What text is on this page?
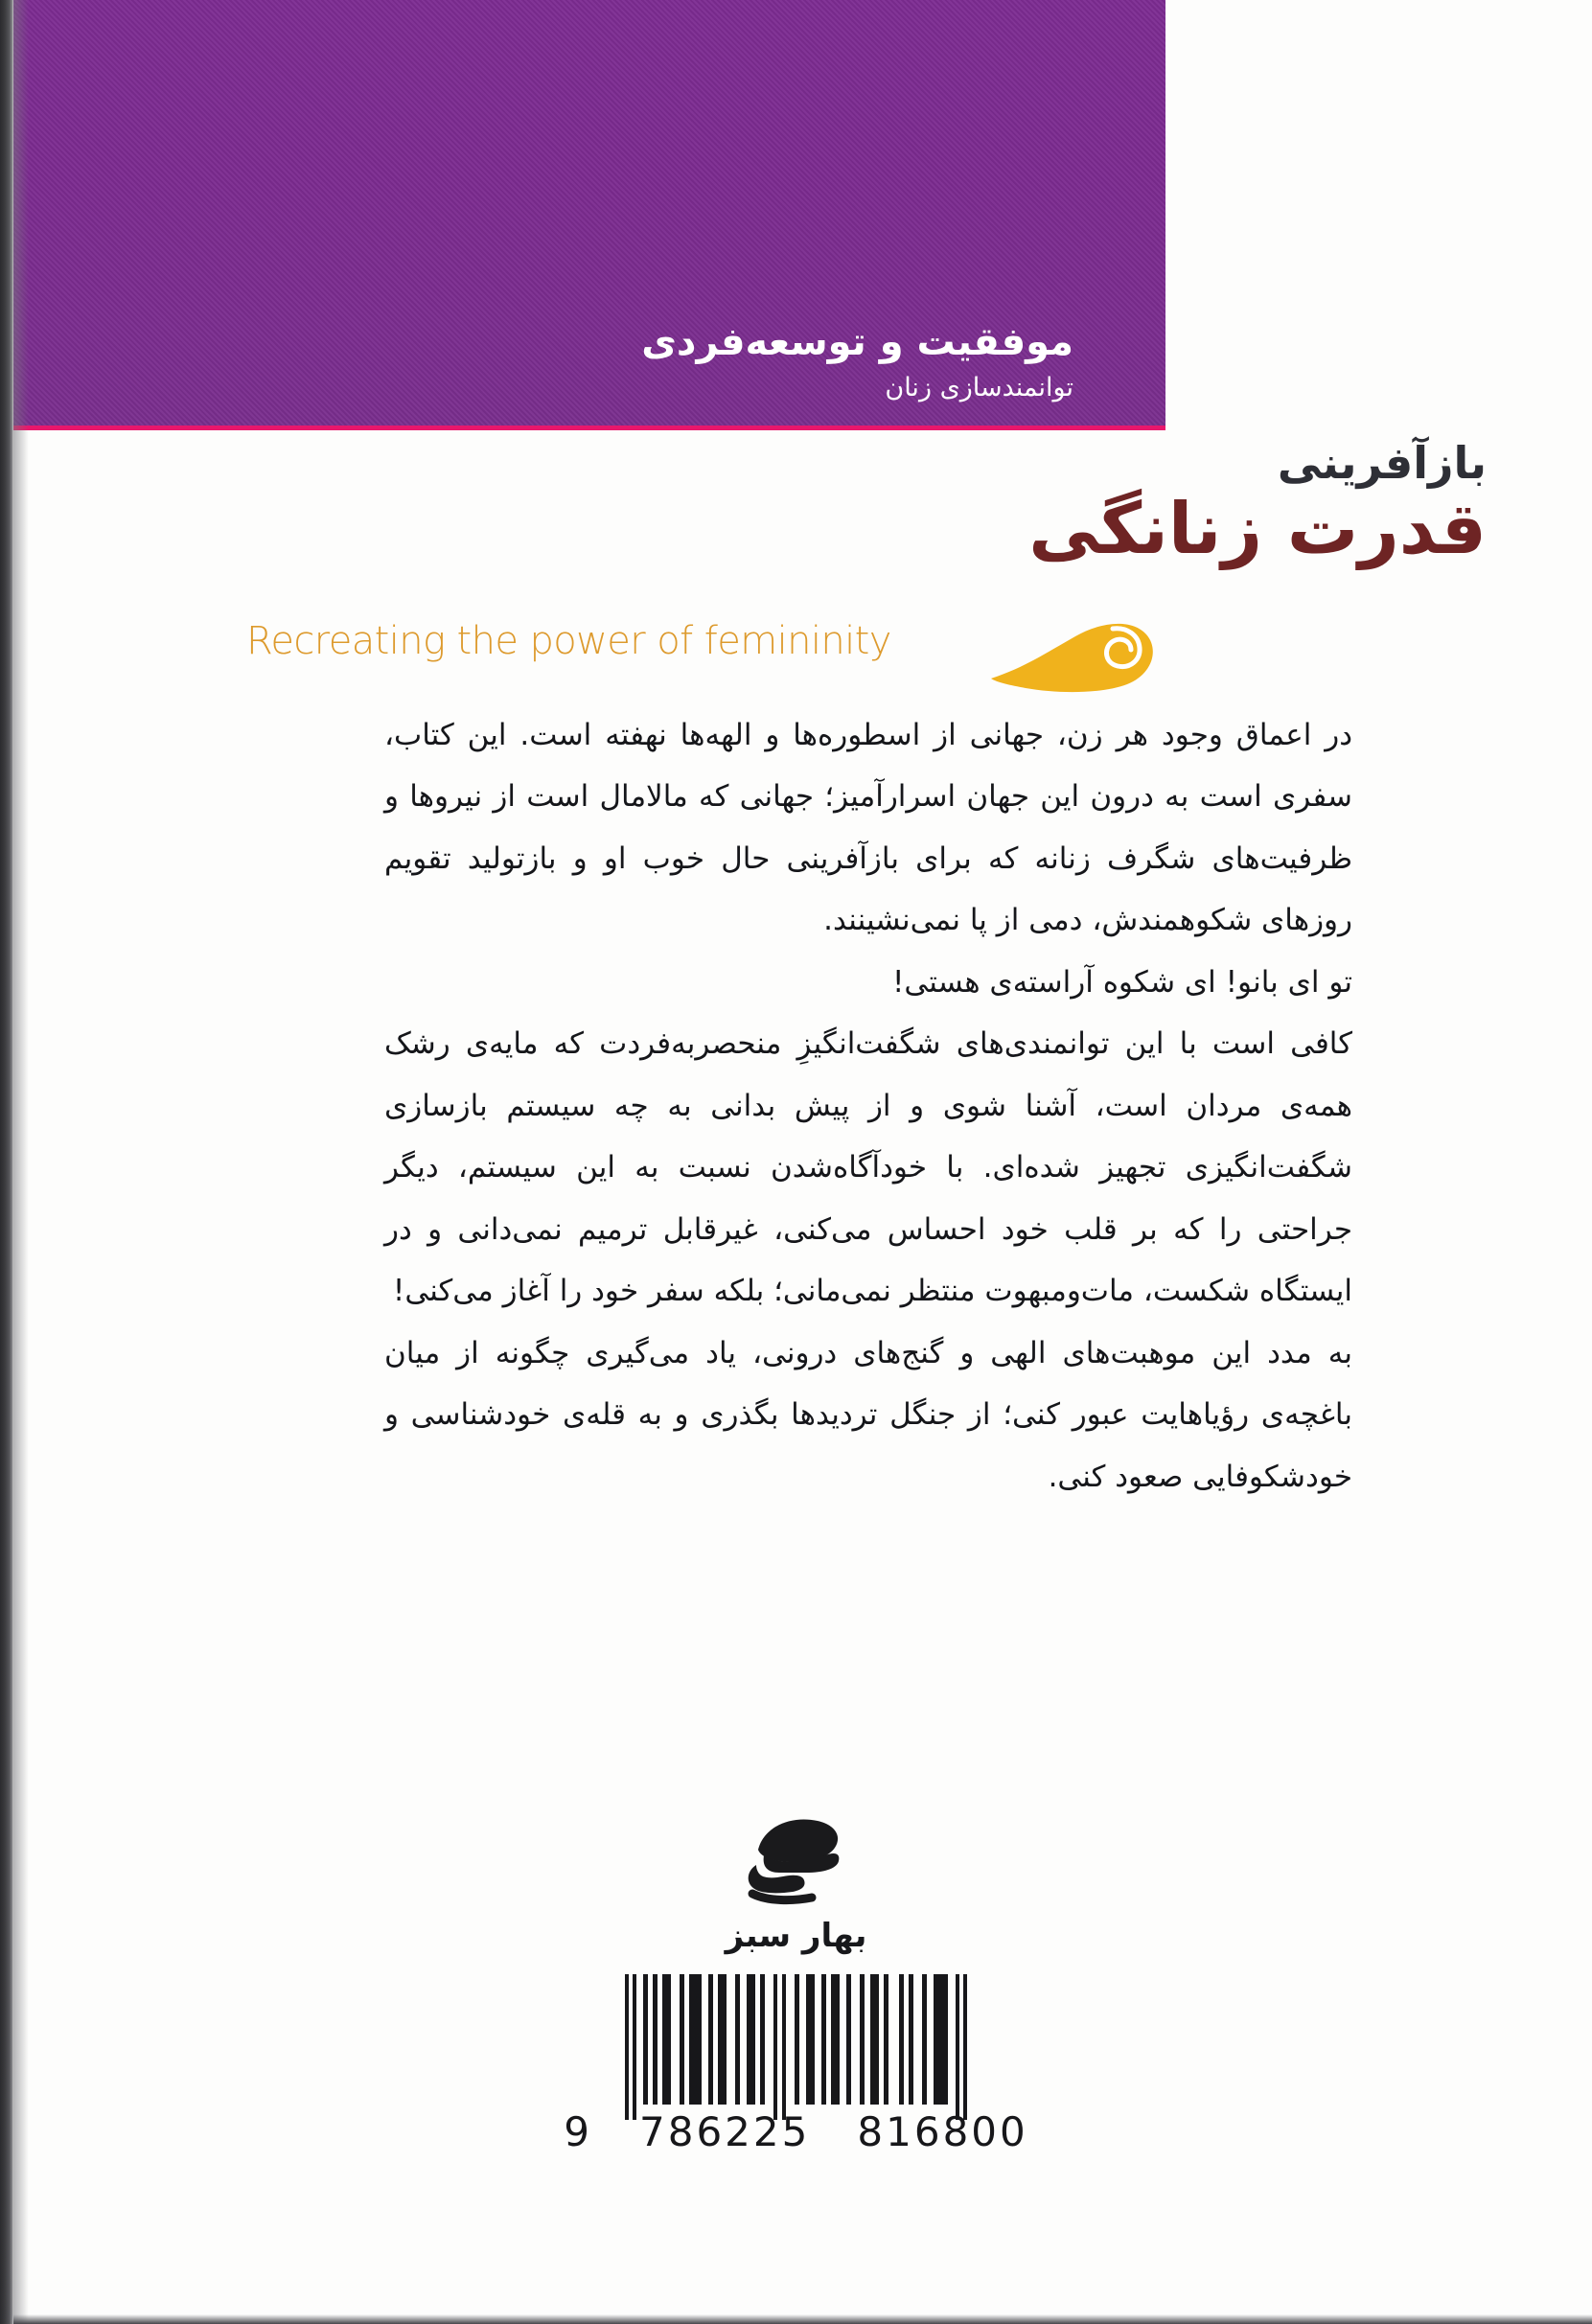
موفقیت و توسعه‌فردی
توانمندسازی زنان
بازآفرینی
قدرت زنانگی
Recreating the power of femininity

در اعماق وجود هر زن، جهانی از اسطوره‌ها و الهه‌ها نهفته است. این کتاب، سفری است به درون این جهان اسرارآمیز؛ جهانی که مالامال است از نیروها و ظرفیت‌های شگرف زنانه که برای بازآفرینی حال خوب او و بازتولید تقویم روزهای شکوهمندش، دمی از پا نمی‌نشینند.

تو ای بانو! ای شکوه آراسته‌ی هستی!

کافی است با این توانمندی‌های شگفت‌انگیزِ منحصربه‌فردت که مایه‌ی رشک همه‌ی مردان است، آشنا شوی و از پیش بدانی به چه سیستم بازسازی شگفت‌انگیزی تجهیز شده‌ای. با خودآگاه‌شدن نسبت به این سیستم، دیگر جراحتی را که بر قلب خود احساس می‌کنی، غیرقابل ترمیم نمی‌دانی و در ایستگاه شکست، مات‌ومبهوت منتظر نمی‌مانی؛ بلکه سفر خود را آغاز می‌کنی!

به مدد این موهبت‌های الهی و گنج‌های درونی، یاد می‌گیری چگونه از میان باغچه‌ی رؤیاهایت عبور کنی؛ از جنگل تردیدها بگذری و به قله‌ی خودشناسی و خودشکوفایی صعود کنی.

بهار سبز

9 786225 816800
